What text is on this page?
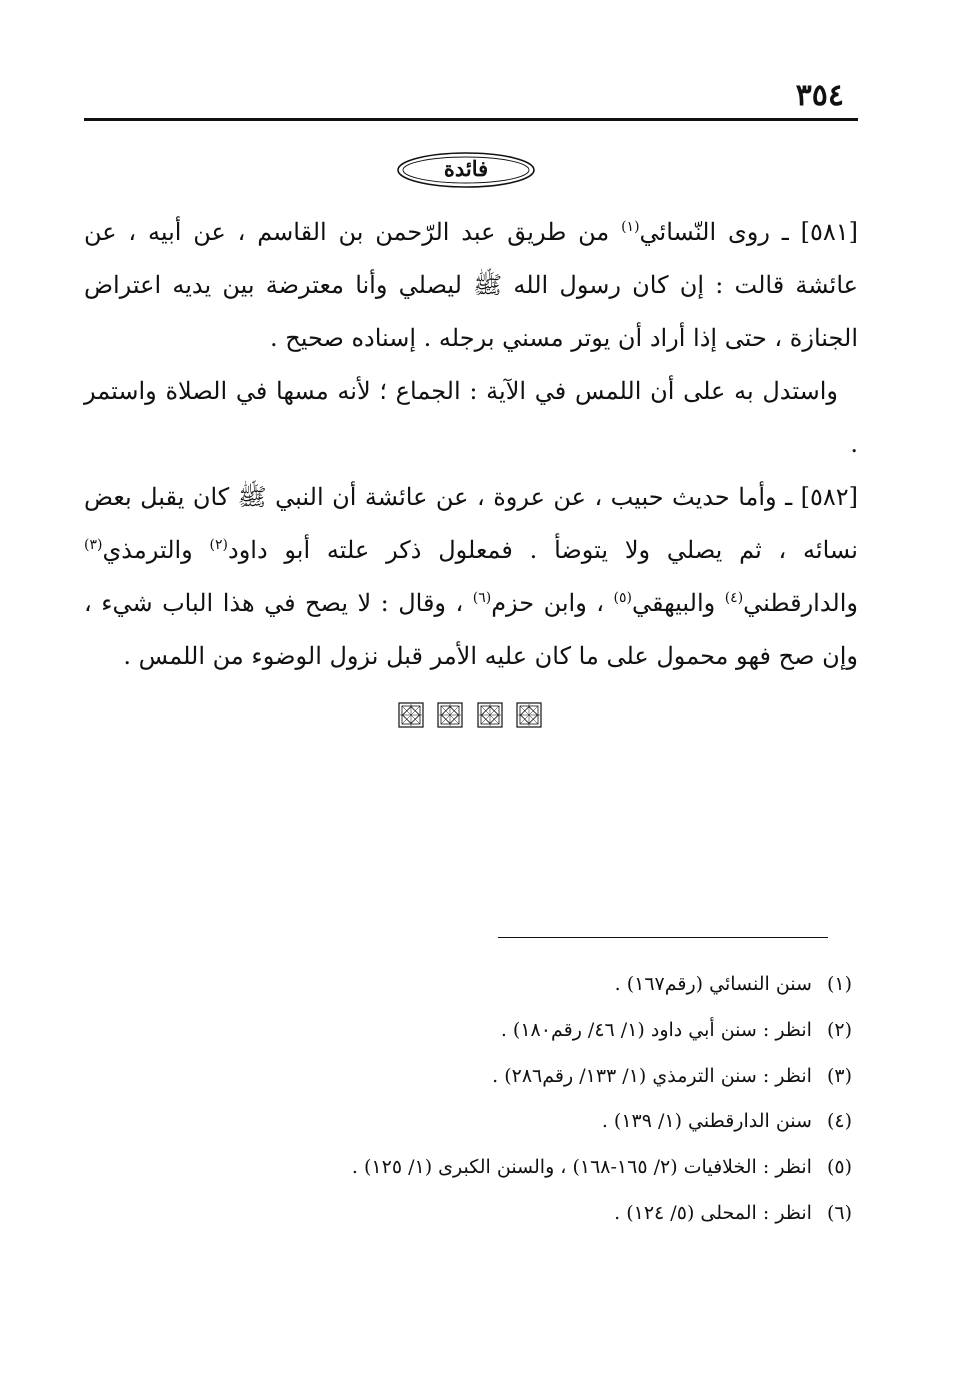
٣٥٤
فائدة

[٥٨١] ـ روى النّسائي$^{(١)}$ من طريق عبد الرّحمن بن القاسم ، عن أبيه ، عن عائشة قالت : إن كان رسول الله ﷺ ليصلي وأنا معترضة بين يديه اعتراض الجنازة ، حتى إذا أراد أن يوتر مسني برجله . إسناده صحيح .

واستدل به على أن اللمس في الآية : الجماع ؛ لأنه مسها في الصلاة واستمر .

[٥٨٢] ـ وأما حديث حبيب ، عن عروة ، عن عائشة أن النبي ﷺ كان يقبل بعض نسائه ، ثم يصلي ولا يتوضأ . فمعلول ذكر علته أبو داود$^{(٢)}$ والترمذي$^{(٣)}$ والدارقطني$^{(٤)}$ والبيهقي$^{(٥)}$ ، وابن حزم$^{(٦)}$ ، وقال : لا يصح في هذا الباب شيء ، وإن صح فهو محمول على ما كان عليه الأمر قبل نزول الوضوء من اللمس .

(١) سنن النسائي (رقم١٦٧) .
(٢) انظر : سنن أبي داود (١/ ٤٦/ رقم١٨٠) .
(٣) انظر : سنن الترمذي (١/ ١٣٣/ رقم٢٨٦) .
(٤) سنن الدارقطني (١/ ١٣٩) .
(٥) انظر : الخلافيات (٢/ ١٦٥-١٦٨) ، والسنن الكبرى (١/ ١٢٥) .
(٦) انظر : المحلى (٥/ ١٢٤) .
